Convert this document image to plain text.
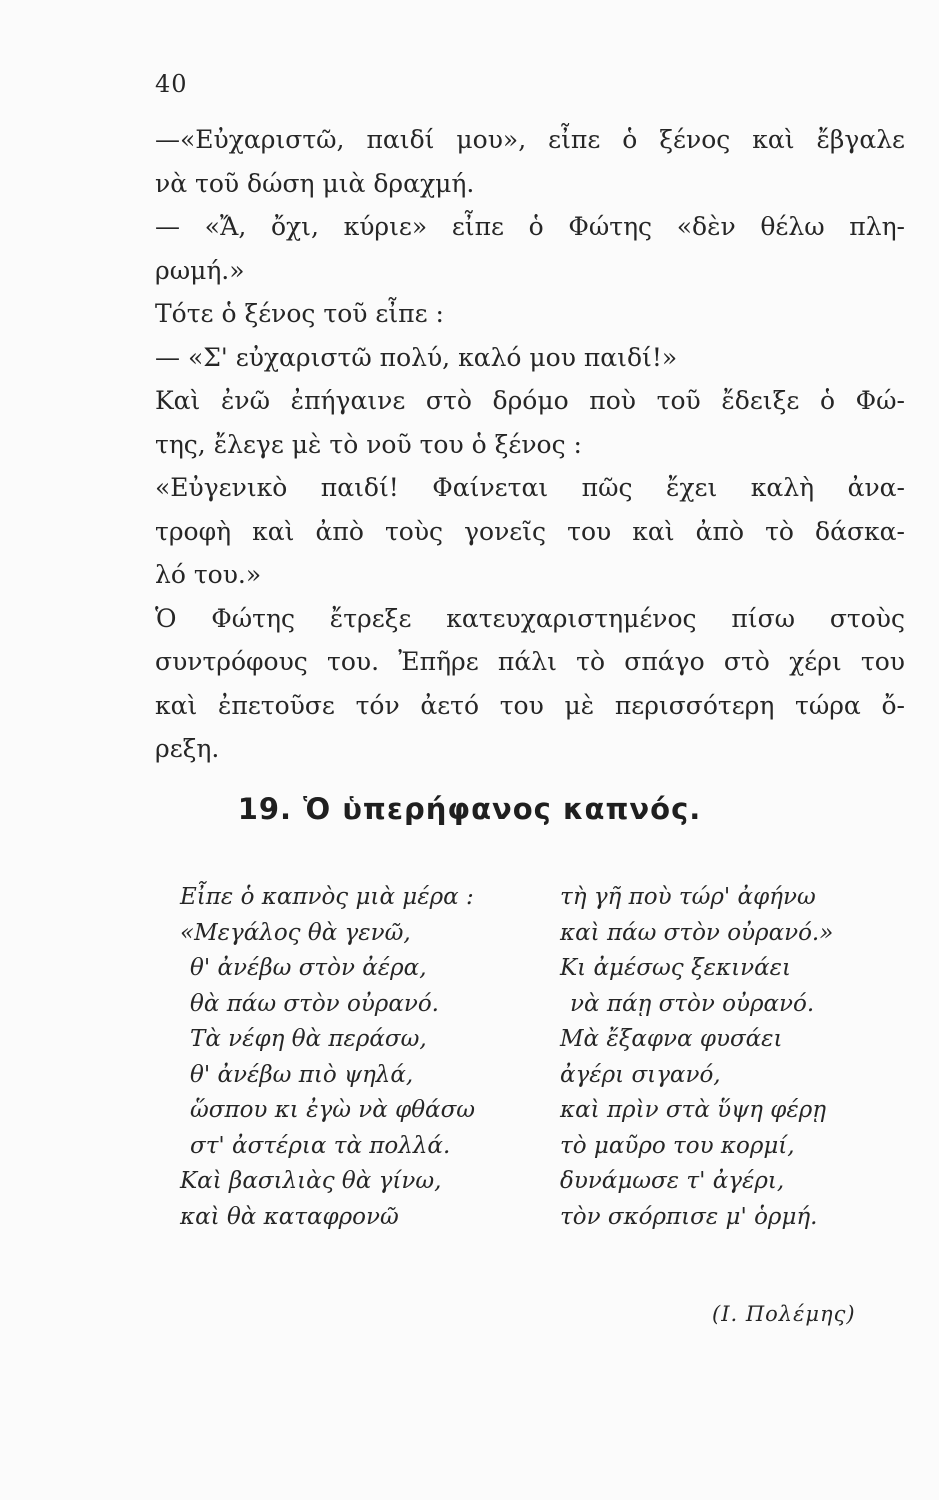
40
—«Εὐχαριστῶ, παιδί μου», εἶπε ὁ ξένος καὶ ἔβγαλε
νὰ τοῦ δώση μιὰ δραχμή.
— «Ἄ, ὄχι, κύριε» εἶπε ὁ Φώτης «δὲν θέλω πλη-
ρωμή.»
Τότε ὁ ξένος τοῦ εἶπε :
— «Σ' εὐχαριστῶ πολύ, καλό μου παιδί!»
Καὶ ἐνῶ ἐπήγαινε στὸ δρόμο ποὺ τοῦ ἔδειξε ὁ Φώ-
της, ἔλεγε μὲ τὸ νοῦ του ὁ ξένος :
«Εὐγενικὸ παιδί! Φαίνεται πῶς ἔχει καλὴ ἀνα-
τροφὴ καὶ ἀπὸ τοὺς γονεῖς του καὶ ἀπὸ τὸ δάσκα-
λό του.»
Ὁ Φώτης ἔτρεξε κατευχαριστημένος πίσω στοὺς
συντρόφους του. Ἐπῆρε πάλι τὸ σπάγο στὸ χέρι του
καὶ ἐπετοῦσε τόν ἀετό του μὲ περισσότερη τώρα ὄ-
ρεξη.
19. Ὁ ὑπερήφανος καπνός.
Εἶπε ὁ καπνὸς μιὰ μέρα :
«Μεγάλος θὰ γενῶ,
θ' ἀνέβω στὸν ἀέρα,
θὰ πάω στὸν οὐρανό.
Τὰ νέφη θὰ περάσω,
θ' ἀνέβω πιὸ ψηλά,
ὥσπου κι ἐγὼ νὰ φθάσω
στ' ἀστέρια τὰ πολλά.
Καὶ βασιλιὰς θὰ γίνω,
καὶ θὰ καταφρονῶ
τὴ γῆ ποὺ τώρ' ἀφήνω
καὶ πάω στὸν οὐρανό.»
Κι ἀμέσως ξεκινάει
νὰ πάῃ στὸν οὐρανό.
Μὰ ἔξαφνα φυσάει
ἀγέρι σιγανό,
καὶ πρὶν στὰ ὕψη φέρῃ
τὸ μαῦρο του κορμί,
δυνάμωσε τ' ἀγέρι,
τὸν σκόρπισε μ' ὁρμή.
(Ι. Πολέμης)
